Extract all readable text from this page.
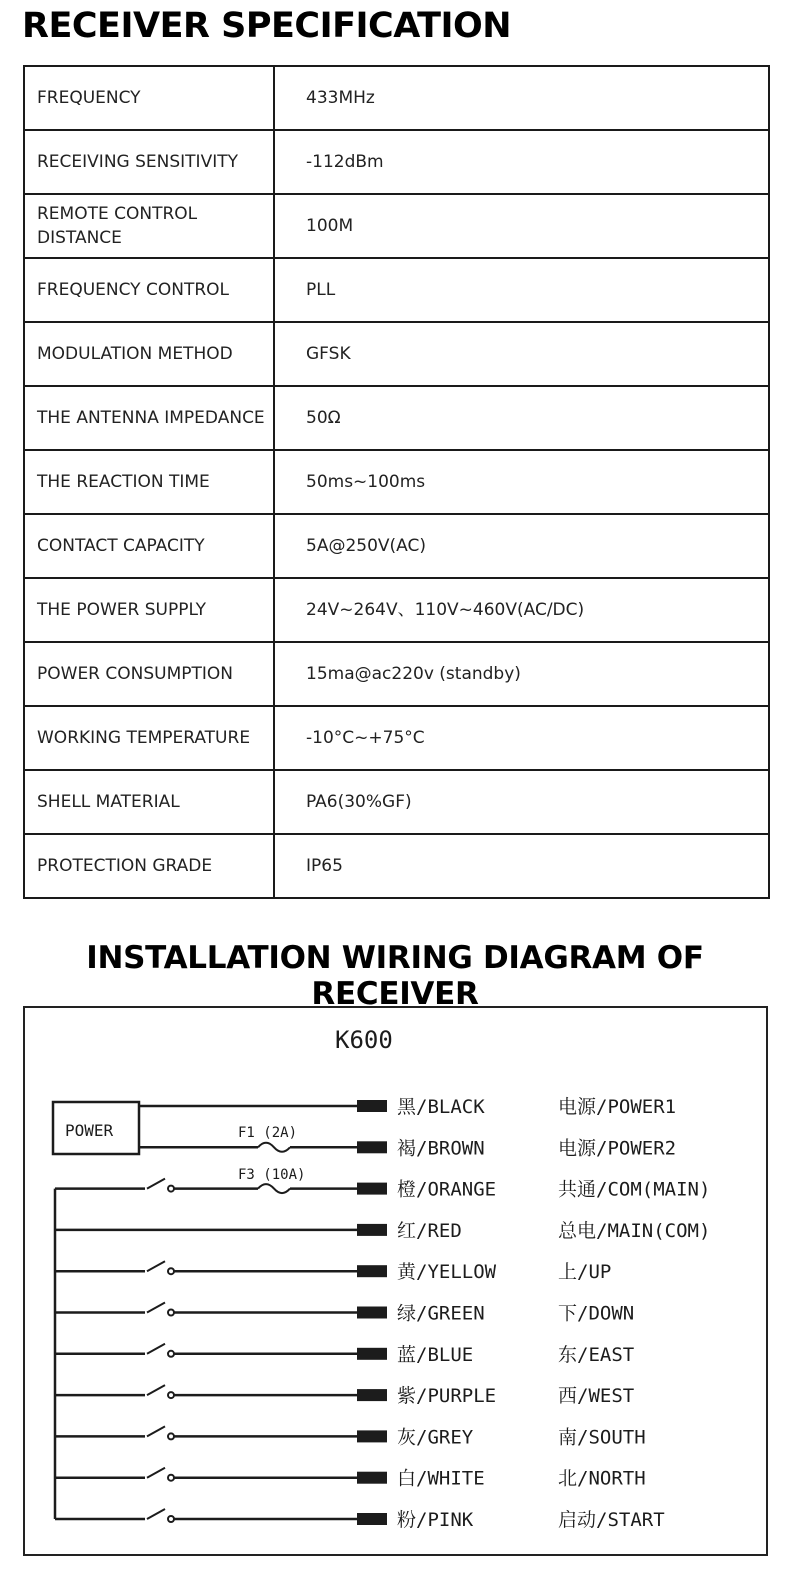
RECEIVER SPECIFICATION
FREQUENCY	433MHz
RECEIVING SENSITIVITY	-112dBm
REMOTE CONTROL DISTANCE	100M
FREQUENCY CONTROL	PLL
MODULATION METHOD	GFSK
THE ANTENNA IMPEDANCE	50Ω
THE REACTION TIME	50ms~100ms
CONTACT CAPACITY	5A@250V(AC)
THE POWER SUPPLY	24V~264V、110V~460V(AC/DC)
POWER CONSUMPTION	15ma@ac220v (standby)
WORKING TEMPERATURE	-10°C~+75°C
SHELL MATERIAL	PA6(30%GF)
PROTECTION GRADE	IP65
INSTALLATION WIRING DIAGRAM OF RECEIVER
K600
POWER	F1 (2A)
F3 (10A)
黑/BLACK	电源/POWER1
褐/BROWN	电源/POWER2
橙/ORANGE	共通/COM(MAIN)
红/RED	总电/MAIN(COM)
黄/YELLOW	上/UP
绿/GREEN	下/DOWN
蓝/BLUE	东/EAST
紫/PURPLE	西/WEST
灰/GREY	南/SOUTH
白/WHITE	北/NORTH
粉/PINK	启动/START
